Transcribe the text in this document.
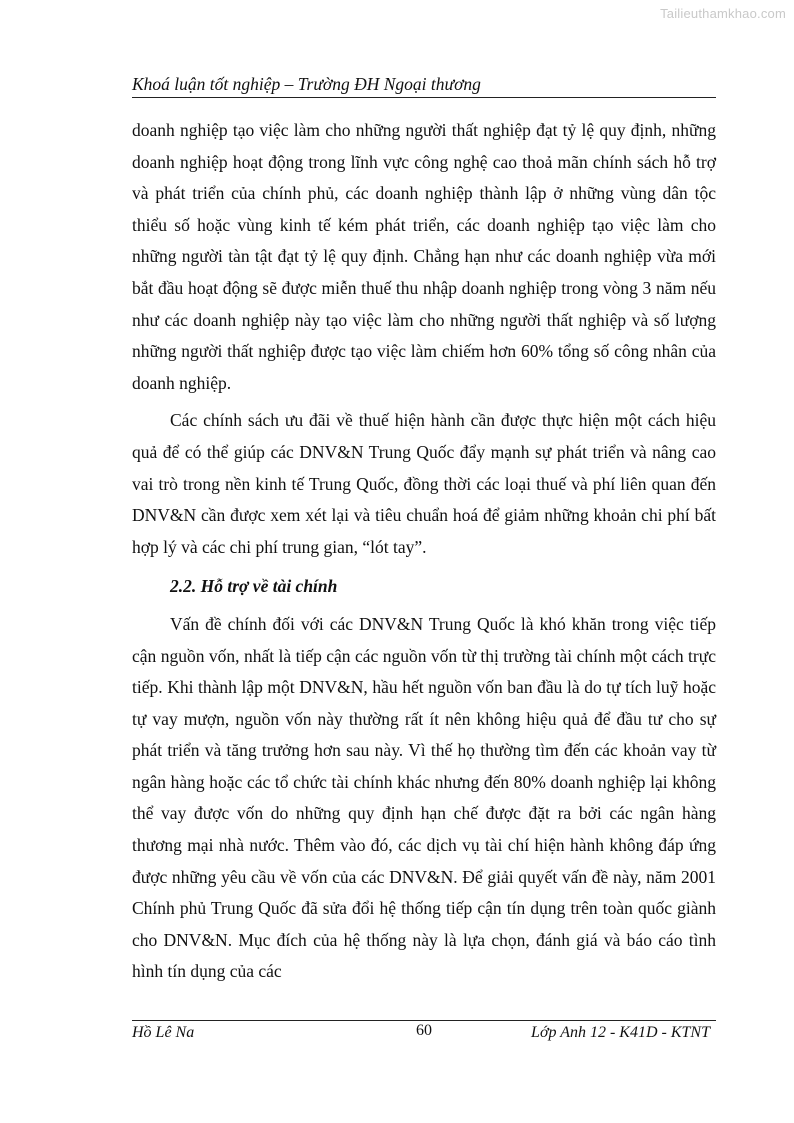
Tailieuthamkhao.com
Khoá luận tốt nghiệp – Trường ĐH Ngoại thương

doanh nghiệp tạo việc làm cho những người thất nghiệp đạt tỷ lệ quy định, những doanh nghiệp hoạt động trong lĩnh vực công nghệ cao thoả mãn chính sách hỗ trợ và phát triển của chính phủ, các doanh nghiệp thành lập ở những vùng dân tộc thiểu số hoặc vùng kinh tế kém phát triển, các doanh nghiệp tạo việc làm cho những người tàn tật đạt tỷ lệ quy định. Chẳng hạn như các doanh nghiệp vừa mới bắt đầu hoạt động sẽ được miễn thuế thu nhập doanh nghiệp trong vòng 3 năm nếu như các doanh nghiệp này tạo việc làm cho những người thất nghiệp và số lượng những người thất nghiệp được tạo việc làm chiếm hơn 60% tổng số công nhân của doanh nghiệp.

Các chính sách ưu đãi về thuế hiện hành cần được thực hiện một cách hiệu quả để có thể giúp các DNV&N Trung Quốc đẩy mạnh sự phát triển và nâng cao vai trò trong nền kinh tế Trung Quốc, đồng thời các loại thuế và phí liên quan đến DNV&N cần được xem xét lại và tiêu chuẩn hoá để giảm những khoản chi phí bất hợp lý và các chi phí trung gian, “lót tay”.

2.2. Hỗ trợ về tài chính

Vấn đề chính đối với các DNV&N Trung Quốc là khó khăn trong việc tiếp cận nguồn vốn, nhất là tiếp cận các nguồn vốn từ thị trường tài chính một cách trực tiếp. Khi thành lập một DNV&N, hầu hết nguồn vốn ban đầu là do tự tích luỹ hoặc tự vay mượn, nguồn vốn này thường rất ít nên không hiệu quả để đầu tư cho sự phát triển và tăng trưởng hơn sau này. Vì thế họ thường tìm đến các khoản vay từ ngân hàng hoặc các tổ chức tài chính khác nhưng đến 80% doanh nghiệp lại không thể vay được vốn do những quy định hạn chế được đặt ra bởi các ngân hàng thương mại nhà nước. Thêm vào đó, các dịch vụ tài chí hiện hành không đáp ứng được những yêu cầu về vốn của các DNV&N. Để giải quyết vấn đề này, năm 2001 Chính phủ Trung Quốc đã sửa đổi hệ thống tiếp cận tín dụng trên toàn quốc giành cho DNV&N. Mục đích của hệ thống này là lựa chọn, đánh giá và báo cáo tình hình tín dụng của các

Hồ Lê Na	60	Lớp Anh 12 - K41D - KTNT
